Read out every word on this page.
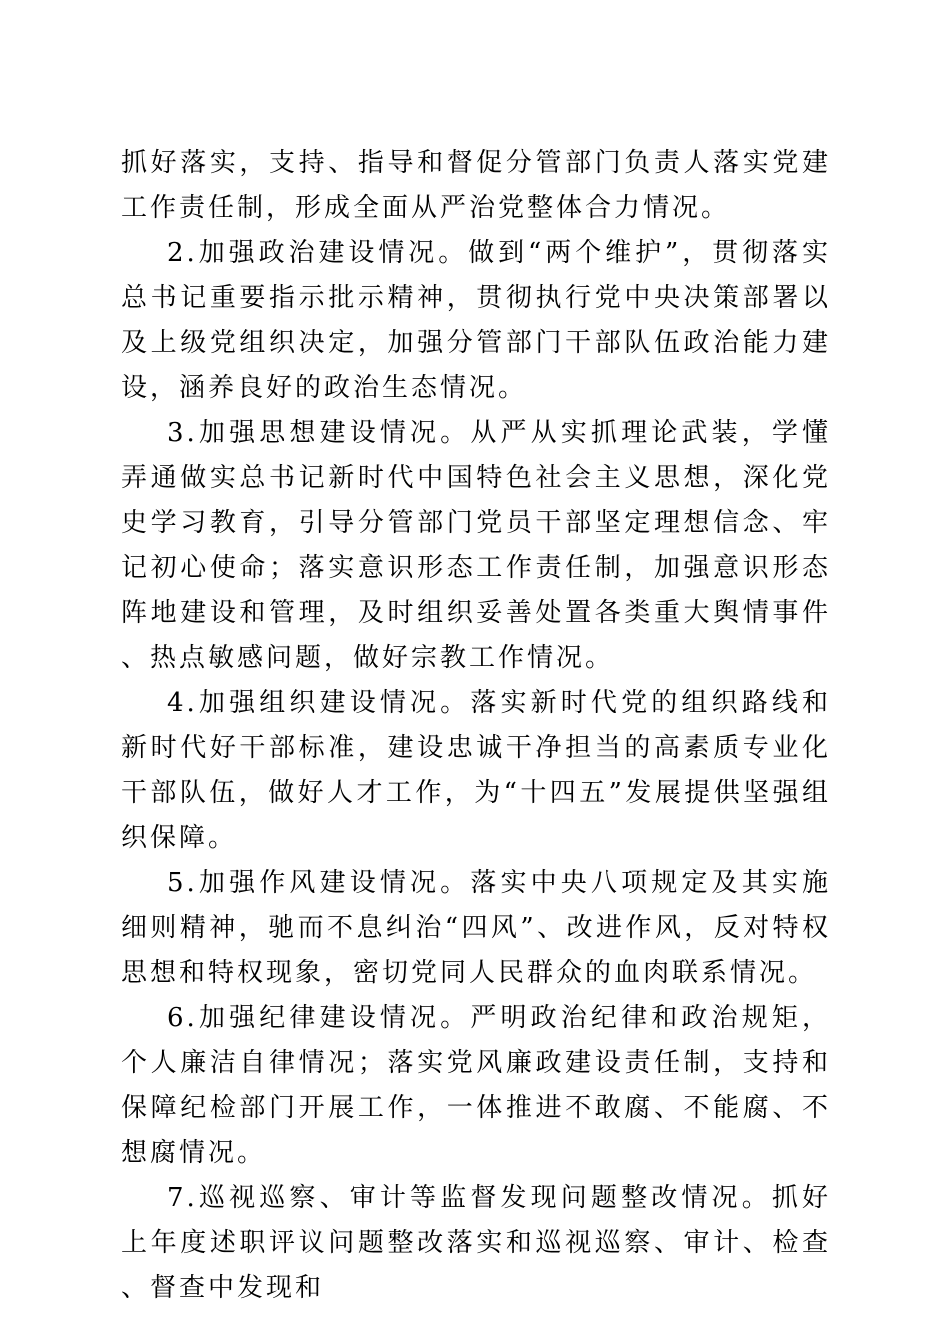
抓好落实，支持、指导和督促分管部门负责人落实党建工作责任制，形成全面从严治党整体合力情况。

2.加强政治建设情况。做到“两个维护”，贯彻落实总书记重要指示批示精神，贯彻执行党中央决策部署以及上级党组织决定，加强分管部门干部队伍政治能力建设，涵养良好的政治生态情况。

3.加强思想建设情况。从严从实抓理论武装，学懂弄通做实总书记新时代中国特色社会主义思想，深化党史学习教育，引导分管部门党员干部坚定理想信念、牢记初心使命；落实意识形态工作责任制，加强意识形态阵地建设和管理，及时组织妥善处置各类重大舆情事件、热点敏感问题，做好宗教工作情况。

4.加强组织建设情况。落实新时代党的组织路线和新时代好干部标准，建设忠诚干净担当的高素质专业化干部队伍，做好人才工作，为“十四五”发展提供坚强组织保障。

5.加强作风建设情况。落实中央八项规定及其实施细则精神，驰而不息纠治“四风”、改进作风，反对特权思想和特权现象，密切党同人民群众的血肉联系情况。

6.加强纪律建设情况。严明政治纪律和政治规矩，个人廉洁自律情况；落实党风廉政建设责任制，支持和保障纪检部门开展工作，一体推进不敢腐、不能腐、不想腐情况。

7.巡视巡察、审计等监督发现问题整改情况。抓好上年度述职评议问题整改落实和巡视巡察、审计、检查、督查中发现和
